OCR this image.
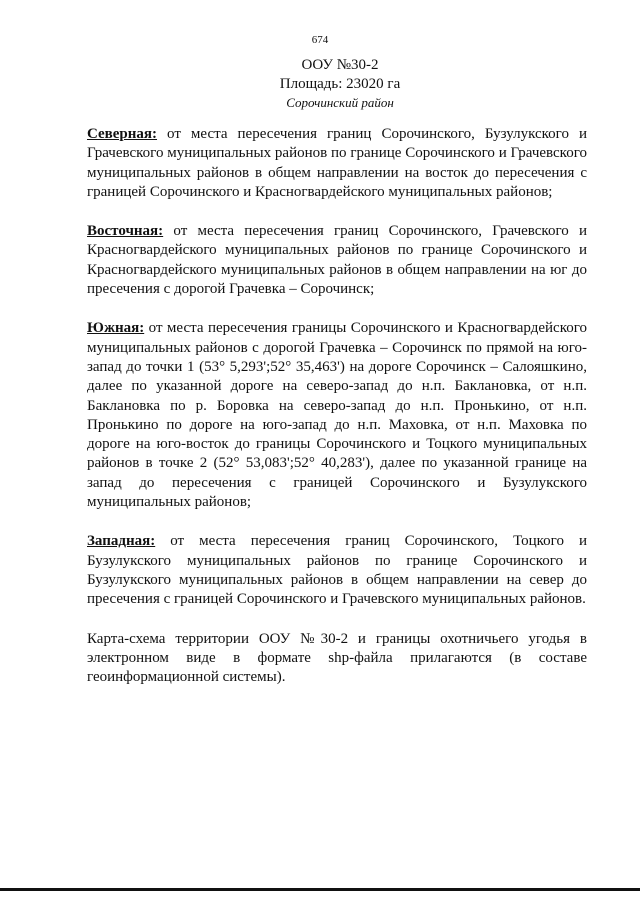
674
ООУ №30-2
Площадь: 23020 га
Сорочинский район

Северная: от места пересечения границ Сорочинского, Бузулукского и Грачевского муниципальных районов по границе Сорочинского и Грачевского муниципальных районов в общем направлении на восток до пересечения с границей Сорочинского и Красногвардейского муниципальных районов;

Восточная: от места пересечения границ Сорочинского, Грачевского и Красногвардейского муниципальных районов по границе Сорочинского и Красногвардейского муниципальных районов в общем направлении на юг до пресечения с дорогой Грачевка – Сорочинск;

Южная: от места пересечения границы Сорочинского и Красногвардейского муниципальных районов с дорогой Грачевка – Сорочинск по прямой на юго-запад до точки 1 (53° 5,293';52° 35,463') на дороге Сорочинск – Салояшкино, далее по указанной дороге на северо-запад до н.п. Баклановка, от н.п. Баклановка по р. Боровка на северо-запад до н.п. Пронькино, от н.п. Пронькино по дороге на юго-запад до н.п. Маховка, от н.п. Маховка по дороге на юго-восток до границы Сорочинского и Тоцкого муниципальных районов в точке 2 (52° 53,083';52° 40,283'), далее по указанной границе на запад до пересечения с границей Сорочинского и Бузулукского муниципальных районов;

Западная: от места пересечения границ Сорочинского, Тоцкого и Бузулукского муниципальных районов по границе Сорочинского и Бузулукского муниципальных районов в общем направлении на север до пресечения с границей Сорочинского и Грачевского муниципальных районов.

Карта-схема территории ООУ №30-2 и границы охотничьего угодья в электронном виде в формате shp-файла прилагаются (в составе геоинформационной системы).
